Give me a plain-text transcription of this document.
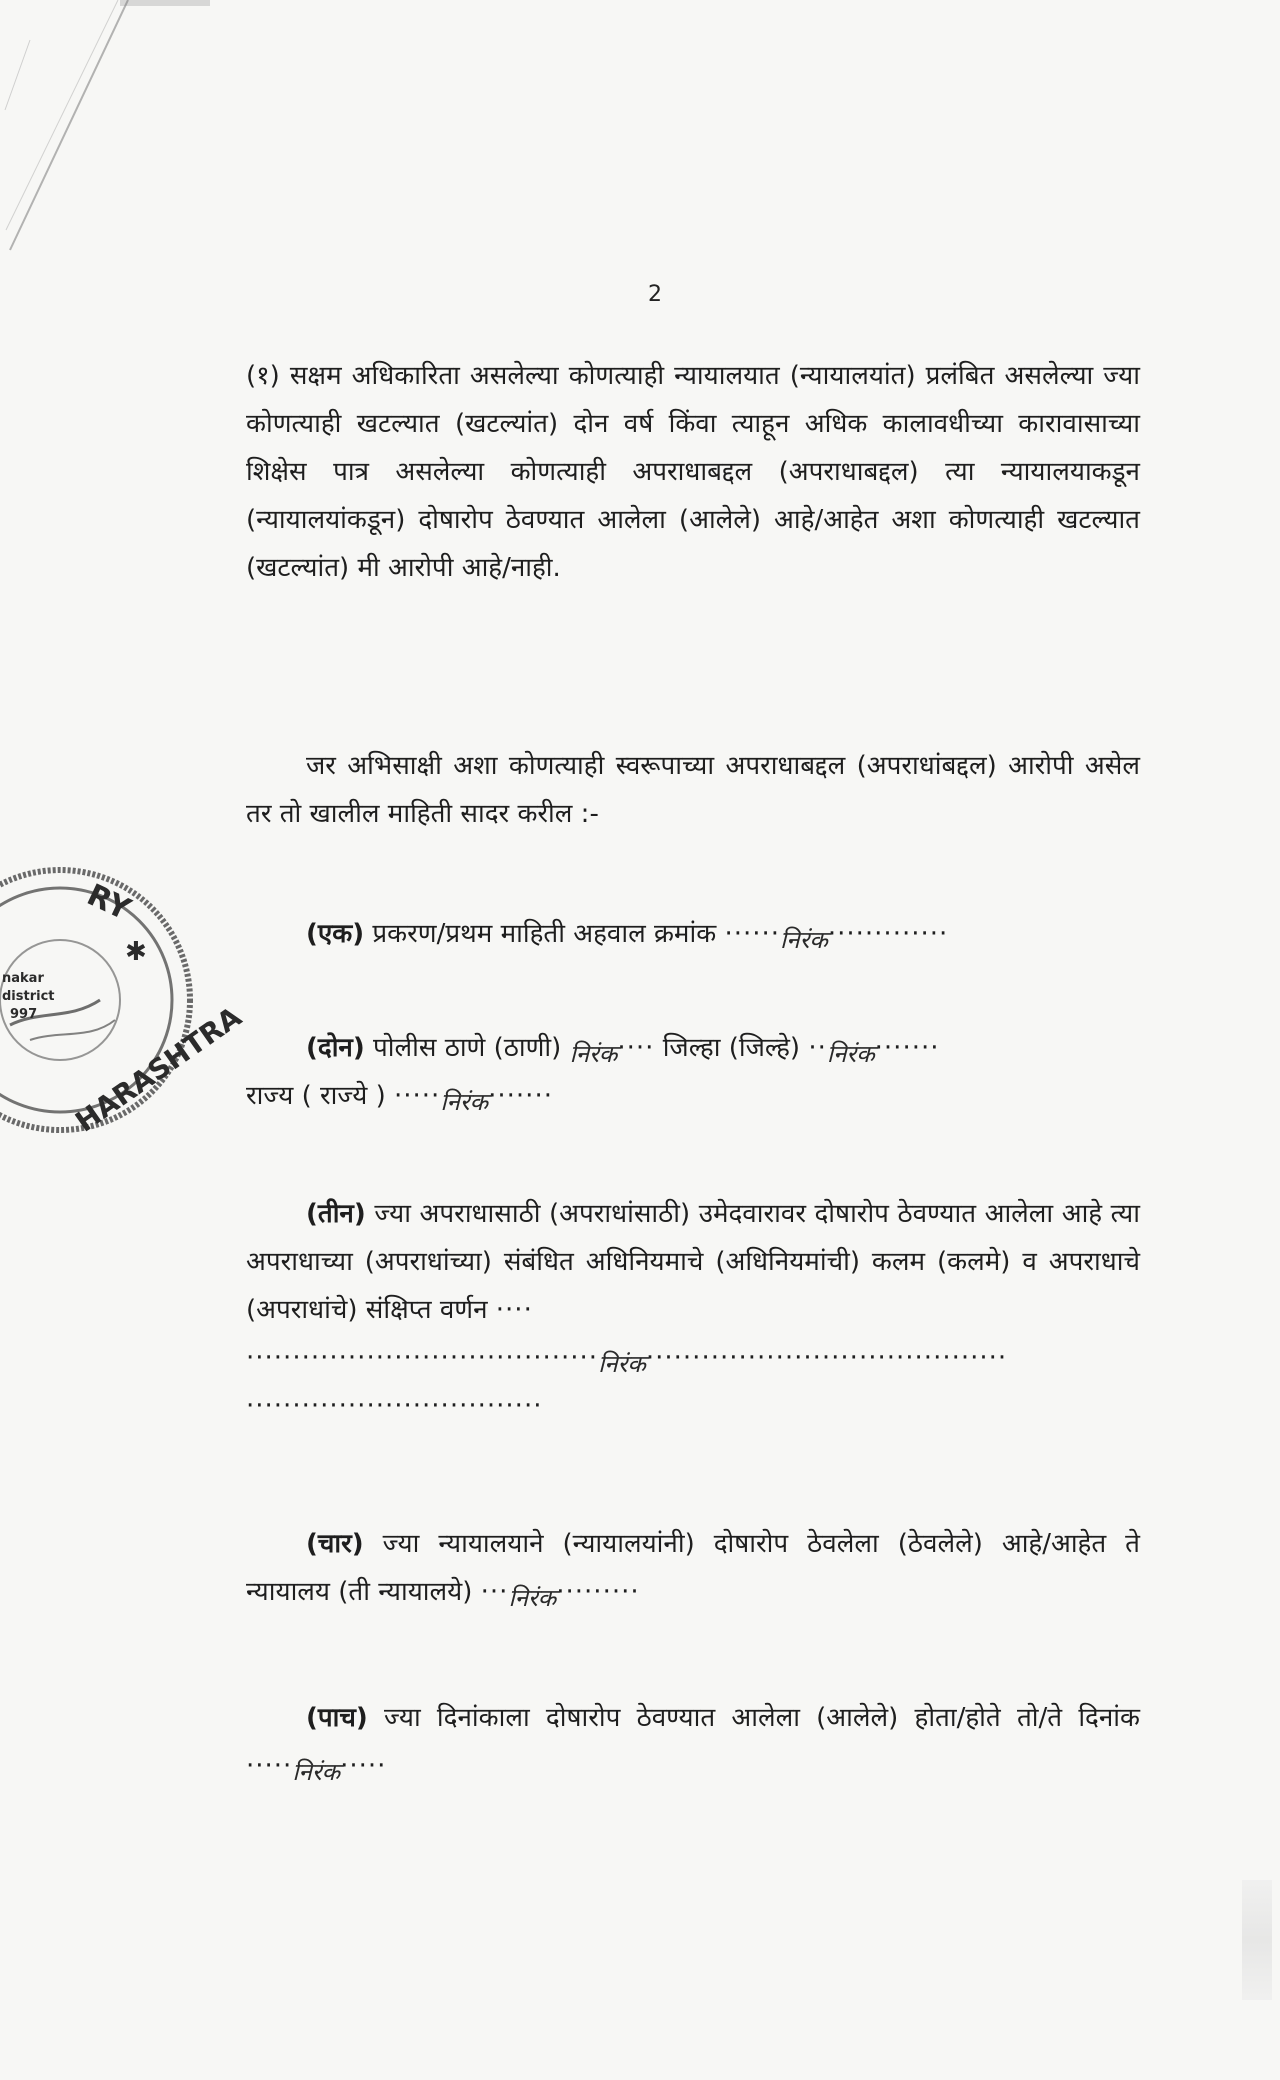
2

(१) सक्षम अधिकारिता असलेल्या कोणत्याही न्यायालयात (न्यायालयांत) प्रलंबित असलेल्या ज्या कोणत्याही खटल्यात (खटल्यांत) दोन वर्ष किंवा त्याहून अधिक कालावधीच्या कारावासाच्या शिक्षेस पात्र असलेल्या कोणत्याही अपराधाबद्दल (अपराधाबद्दल) त्या न्यायालयाकडून (न्यायालयांकडून) दोषारोप ठेवण्यात आलेला (आलेले) आहे/आहेत अशा कोणत्याही खटल्यात (खटल्यांत) मी आरोपी आहे/नाही.

जर अभिसाक्षी अशा कोणत्याही स्वरूपाच्या अपराधाबद्दल (अपराधांबद्दल) आरोपी असेल तर तो खालील माहिती सादर करील :-

(एक) प्रकरण/प्रथम माहिती अहवाल क्रमांक ······निरंक·············

(दोन) पोलीस ठाणे (ठाणी) निरंक···· जिल्हा (जिल्हे) ··निरंक·······
राज्य ( राज्ये ) ·····निरंक·······

(तीन) ज्या अपराधासाठी (अपराधांसाठी) उमेदवारावर दोषारोप ठेवण्यात आलेला आहे त्या अपराधाच्या (अपराधांच्या) संबंधित अधिनियमाचे (अधिनियमांची) कलम (कलमे) व अपराधाचे (अपराधांचे) संक्षिप्त वर्णन ····
······································निरंक·······································
································

(चार) ज्या न्यायालयाने (न्यायालयांनी) दोषारोप ठेवलेला (ठेवलेले) आहे/आहेत ते न्यायालय (ती न्यायालये) ···निरंक·········

(पाच) ज्या दिनांकाला दोषारोप ठेवण्यात आलेला (आलेले) होता/होते तो/ते दिनांक ·····निरंक·····

RY
✱
HARASHTRA
nakar
district
997
